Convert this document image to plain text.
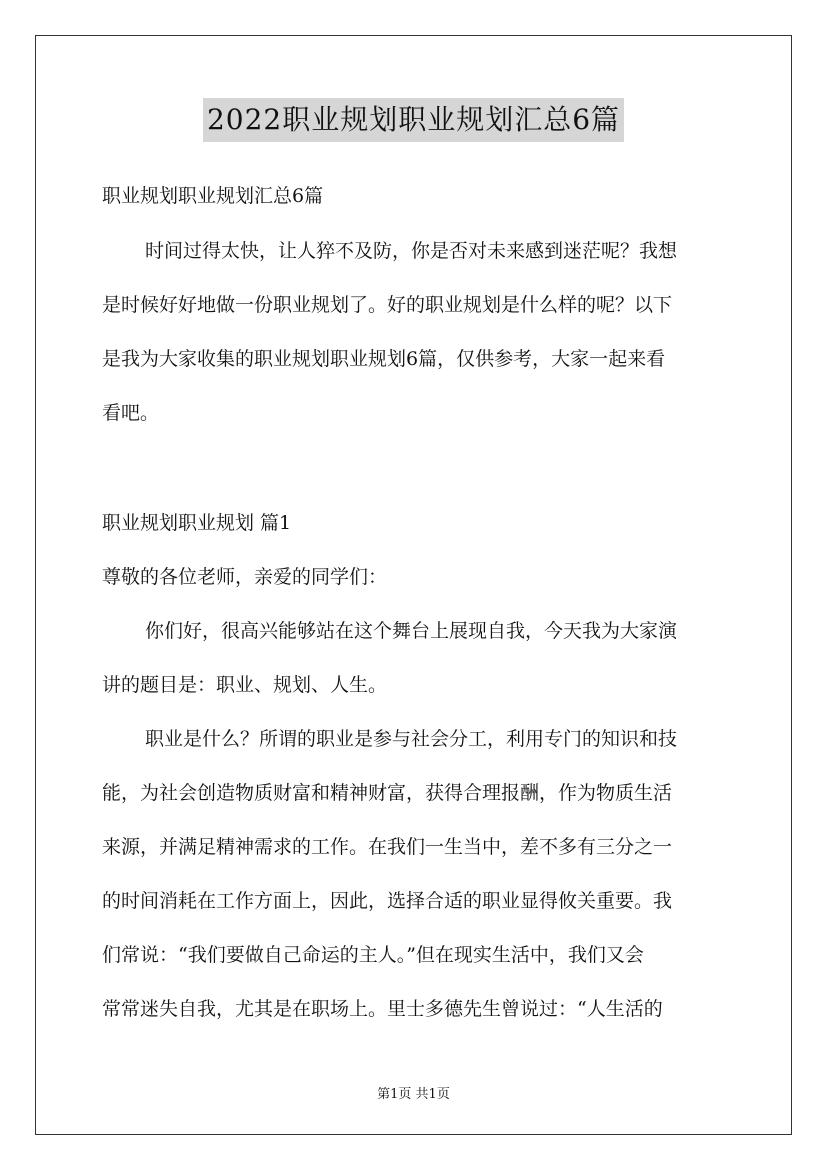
2022职业规划职业规划汇总6篇
职业规划职业规划汇总6篇
时间过得太快，让人猝不及防，你是否对未来感到迷茫呢？我想
是时候好好地做一份职业规划了。好的职业规划是什么样的呢？以下
是我为大家收集的职业规划职业规划6篇，仅供参考，大家一起来看
看吧。
职业规划职业规划 篇1
尊敬的各位老师，亲爱的同学们：
你们好，很高兴能够站在这个舞台上展现自我，今天我为大家演
讲的题目是：职业、规划、人生。
职业是什么？所谓的职业是参与社会分工，利用专门的知识和技
能，为社会创造物质财富和精神财富，获得合理报酬，作为物质生活
来源，并满足精神需求的工作。在我们一生当中，差不多有三分之一
的时间消耗在工作方面上，因此，选择合适的职业显得攸关重要。我
们常说：“我们要做自己命运的主人。”但在现实生活中，我们又会
常常迷失自我，尤其是在职场上。里士多德先生曾说过：“人生活的
第1页 共1页
